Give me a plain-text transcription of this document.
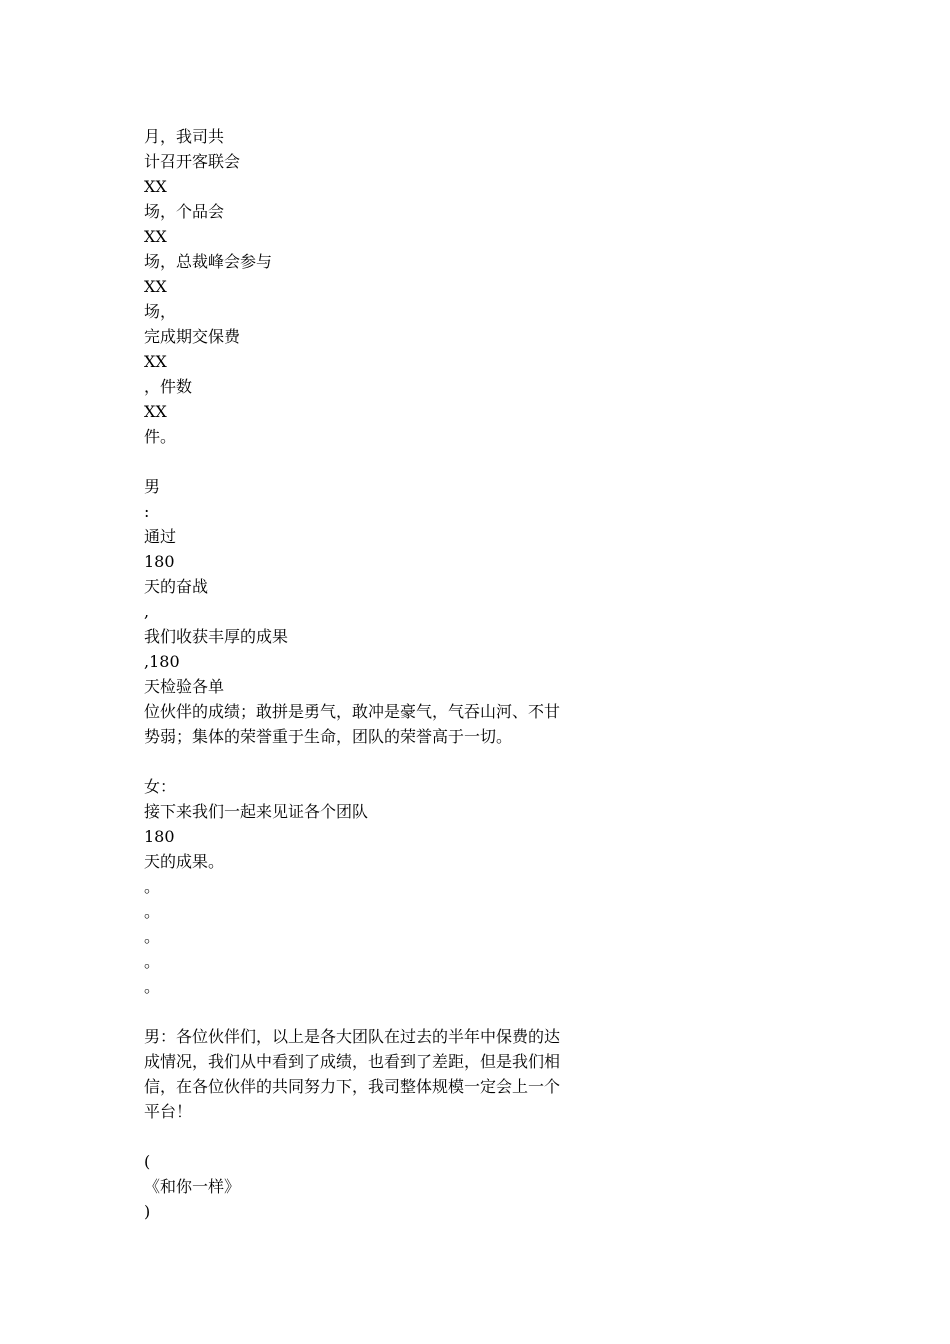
月，我司共
计召开客联会
XX
场，个品会
XX
场，总裁峰会参与
XX
场，
完成期交保费
XX
，件数
XX
件。
男
:
通过
180
天的奋战
,
我们收获丰厚的成果
,180
天检验各单
位伙伴的成绩；敢拼是勇气，敢冲是豪气，气吞山河、不甘
势弱；集体的荣誉重于生命，团队的荣誉高于一切。
女：
接下来我们一起来见证各个团队
180
天的成果。
。
。
。
。
。
男：各位伙伴们，以上是各大团队在过去的半年中保费的达
成情况，我们从中看到了成绩，也看到了差距，但是我们相
信，在各位伙伴的共同努力下，我司整体规模一定会上一个
平台！
(
《和你一样》
)
